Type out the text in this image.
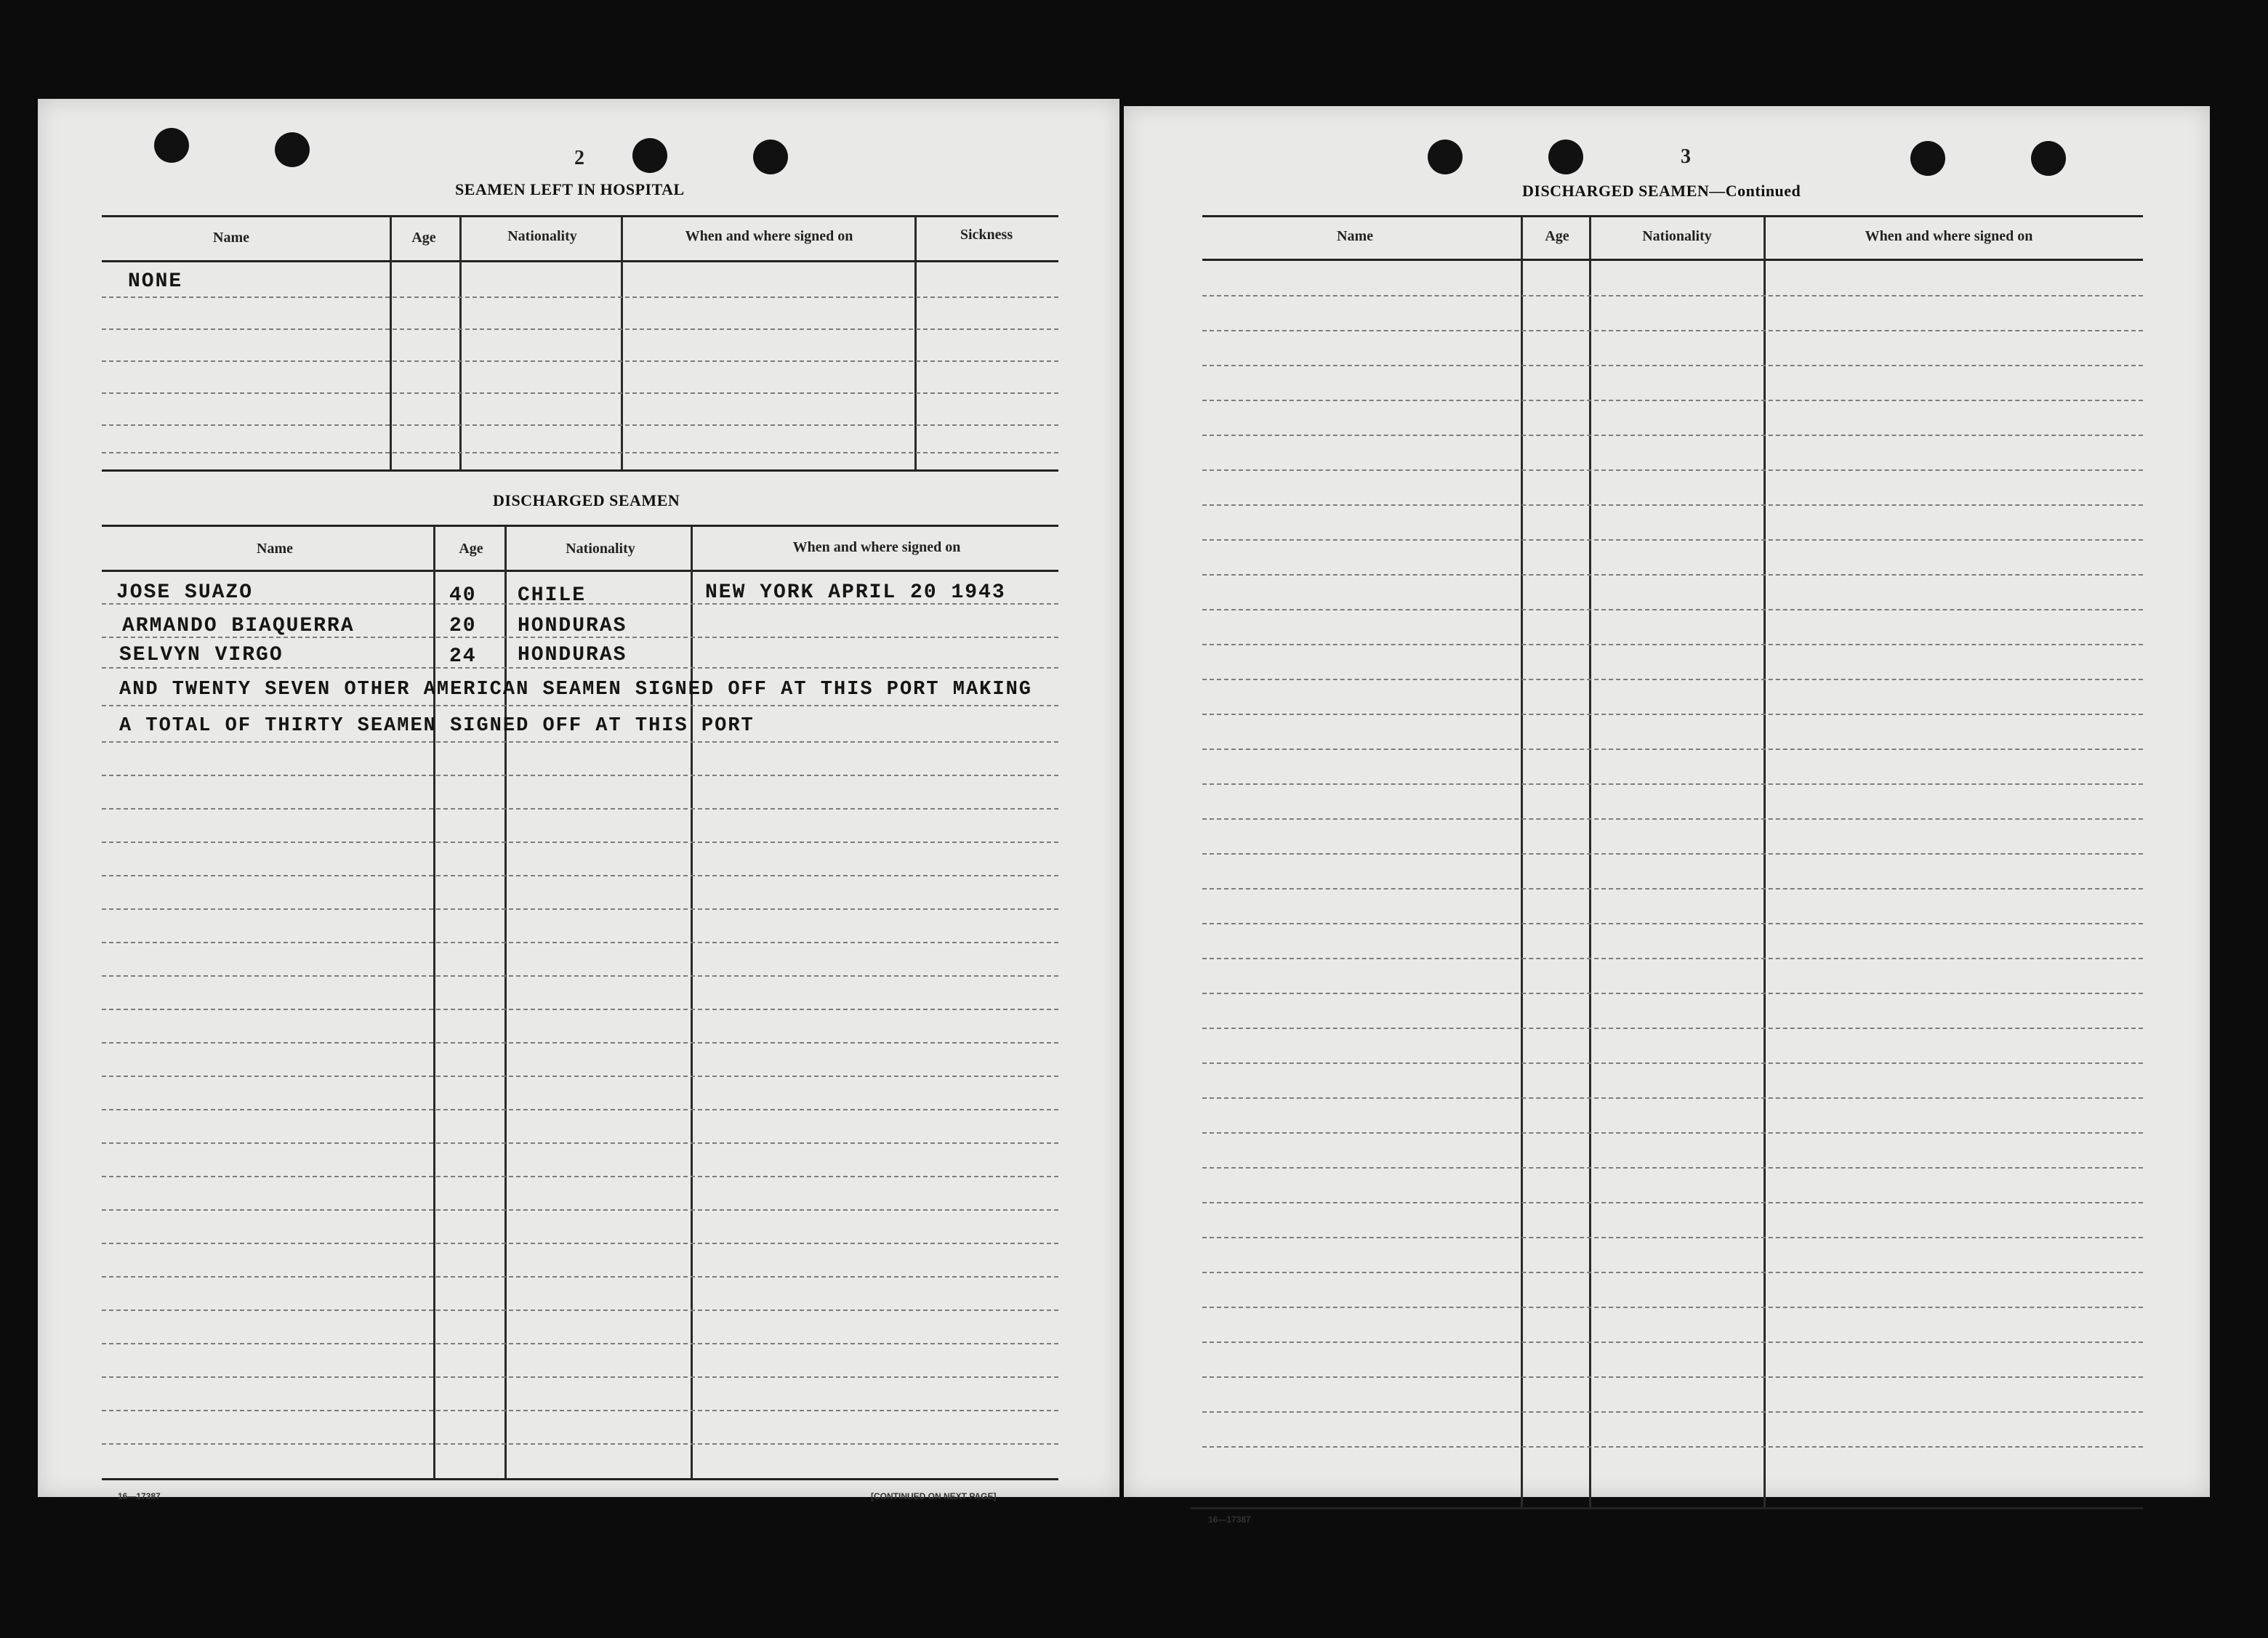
2
SEAMEN LEFT IN HOSPITAL
Name	Age	Nationality	When and where signed on	Sickness
NONE
DISCHARGED SEAMEN
Name	Age	Nationality	When and where signed on
JOSE SUAZO	40 CHILE	NEW YORK APRIL 20 1943
ARMANDO BIAQUERRA	20 HONDURAS
SELVYN VIRGO	24 HONDURAS
AND TWENTY SEVEN OTHER AMERICAN SEAMEN SIGNED OFF AT THIS PORT MAKING
A TOTAL OF THIRTY SEAMEN SIGNED OFF AT THIS PORT
16—17387	[CONTINUED ON NEXT PAGE]
3
DISCHARGED SEAMEN—Continued
Name	Age	Nationality	When and where signed on
16—17387
